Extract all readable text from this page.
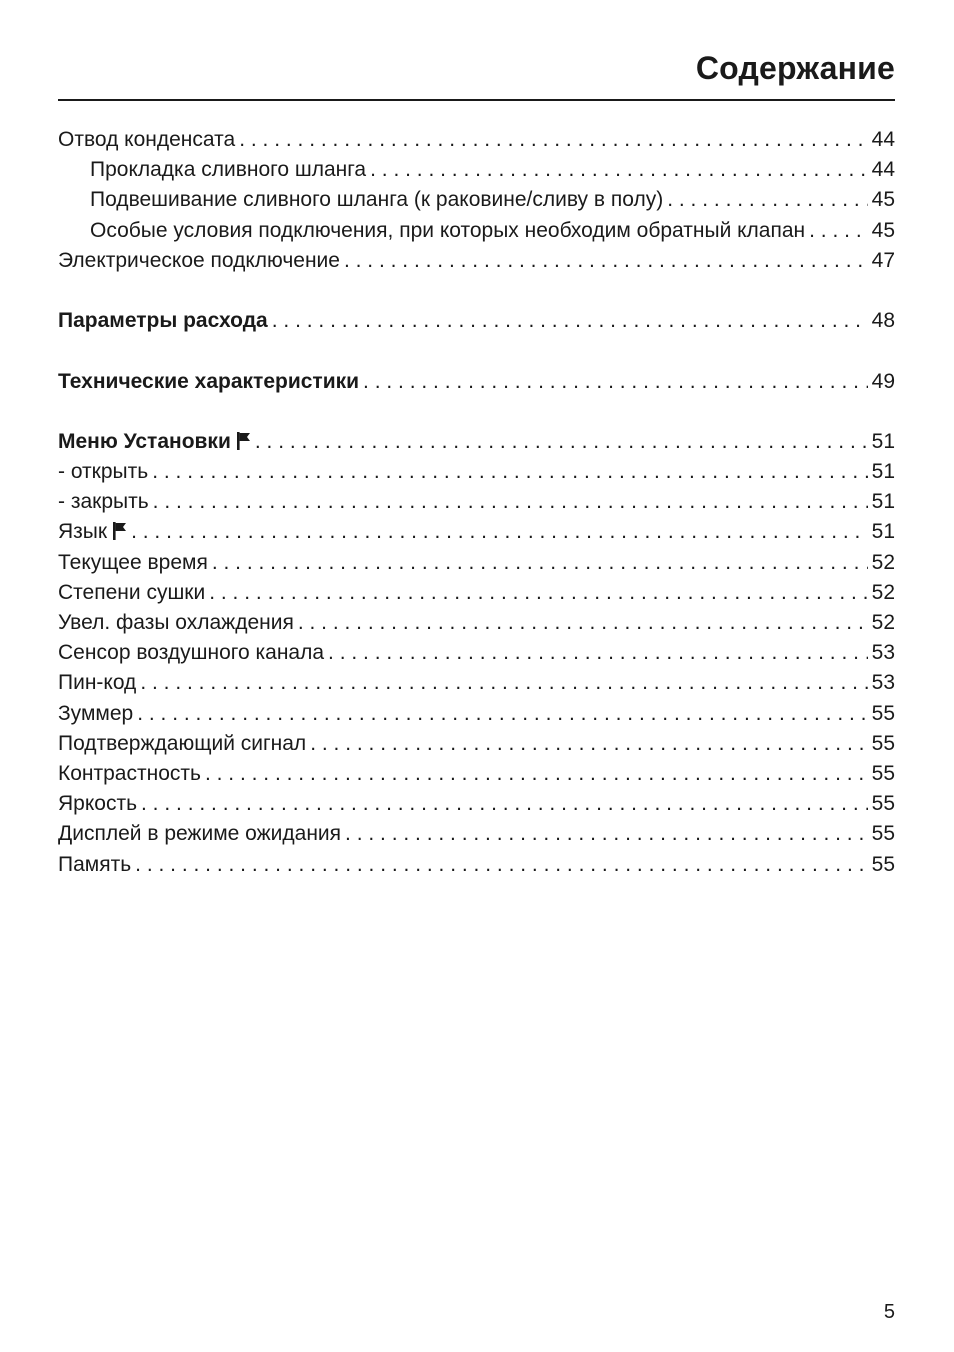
Содержание
Отвод конденсата . . .	44
Прокладка сливного шланга . . .	44
Подвешивание сливного шланга (к раковине/сливу в полу) . . .	45
Особые условия подключения, при которых необходим обратный клапан . . .	45
Электрическое подключение . . .	47
Параметры расхода . . .	48
Технические характеристики . . .	49
Меню Установки . . .	51
- открыть . . .	51
- закрыть . . .	51
Язык . . .	51
Текущее время . . .	52
Степени сушки . . .	52
Увел. фазы охлаждения . . .	52
Сенсор воздушного канала . . .	53
Пин-код . . .	53
Зуммер . . .	55
Подтверждающий сигнал . . .	55
Контрастность . . .	55
Яркость . . .	55
Дисплей в режиме ожидания . . .	55
Память . . .	55
5
